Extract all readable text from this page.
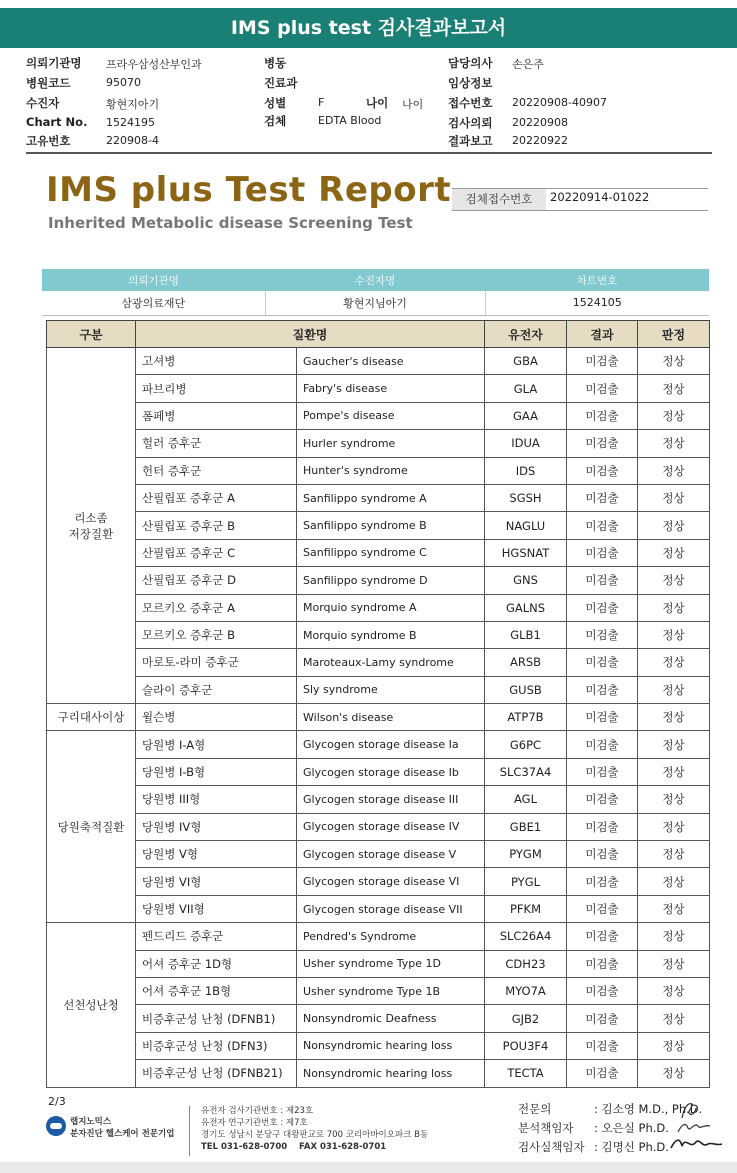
IMS plus test 검사결과보고서
의뢰기관명 프라우삼성산부인과
병원코드	95070
수진자	황현지아기
Chart No. 1524195
고유번호	220908-4
병동
진료과
성별	F	나이 나이
검체	EDTA Blood
담당의사 손은주
임상정보
접수번호 20220908-40907
검사의뢰 20220908
결과보고 20220922
IMS plus Test Report
Inherited Metabolic disease Screening Test
검체접수번호	20220914-01022
의뢰기관명	수진자명	차트번호
삼광의료재단	황현지님아기	1524105
구분	질환명		유전자	결과	판정

리소좀
저장질환	고셔병	Gaucher's disease	GBA	미검출	정상
	파브리병	Fabry's disease	GLA	미검출	정상
	폼페병	Pompe's disease	GAA	미검출	정상
	헐러 증후군	Hurler syndrome	IDUA	미검출	정상
	헌터 증후군	Hunter's syndrome	IDS	미검출	정상
	산필립포 증후군 A	Sanfilippo syndrome A	SGSH	미검출	정상
	산필립포 증후군 B	Sanfilippo syndrome B	NAGLU	미검출	정상
	산필립포 증후군 C	Sanfilippo syndrome C	HGSNAT	미검출	정상
	산필립포 증후군 D	Sanfilippo syndrome D	GNS	미검출	정상
	모르키오 증후군 A	Morquio syndrome A	GALNS	미검출	정상
	모르키오 증후군 B	Morquio syndrome B	GLB1	미검출	정상
	마로토-라미 증후군	Maroteaux-Lamy syndrome	ARSB	미검출	정상
	슬라이 증후군	Sly syndrome	GUSB	미검출	정상
구리대사이상	윌슨병	Wilson's disease	ATP7B	미검출	정상
당원축적질환	당원병 I-A형	Glycogen storage disease Ia	G6PC	미검출	정상
	당원병 I-B형	Glycogen storage disease Ib	SLC37A4	미검출	정상
	당원병 III형	Glycogen storage disease III	AGL	미검출	정상
	당원병 IV형	Glycogen storage disease IV	GBE1	미검출	정상
	당원병 V형	Glycogen storage disease V	PYGM	미검출	정상
	당원병 VI형	Glycogen storage disease VI	PYGL	미검출	정상
	당원병 VII형	Glycogen storage disease VII	PFKM	미검출	정상
선천성난청	펜드리드 증후군	Pendred's Syndrome	SLC26A4	미검출	정상
	어셔 증후군 1D형	Usher syndrome Type 1D	CDH23	미검출	정상
	어셔 증후군 1B형	Usher syndrome Type 1B	MYO7A	미검출	정상
	비증후군성 난청 (DFNB1)	Nonsyndromic Deafness	GJB2	미검출	정상
	비증후군성 난청 (DFN3)	Nonsyndromic hearing loss	POU3F4	미검출	정상
	비증후군성 난청 (DFNB21)	Nonsyndromic hearing loss	TECTA	미검출	정상
2/3
랩지노믹스
분자진단 헬스케어 전문기업
유전자 검사기관번호 : 제23호
유전자 연구기관번호 : 제7호
경기도 성남시 분당구 대왕판교로 700 코리아바이오파크 B동
TEL 031-628-0700 FAX 031-628-0701
전문의	: 김소영 M.D., Ph.D.
분석책임자 : 오은실 Ph.D.
검사실책임자 : 김명신 Ph.D.
